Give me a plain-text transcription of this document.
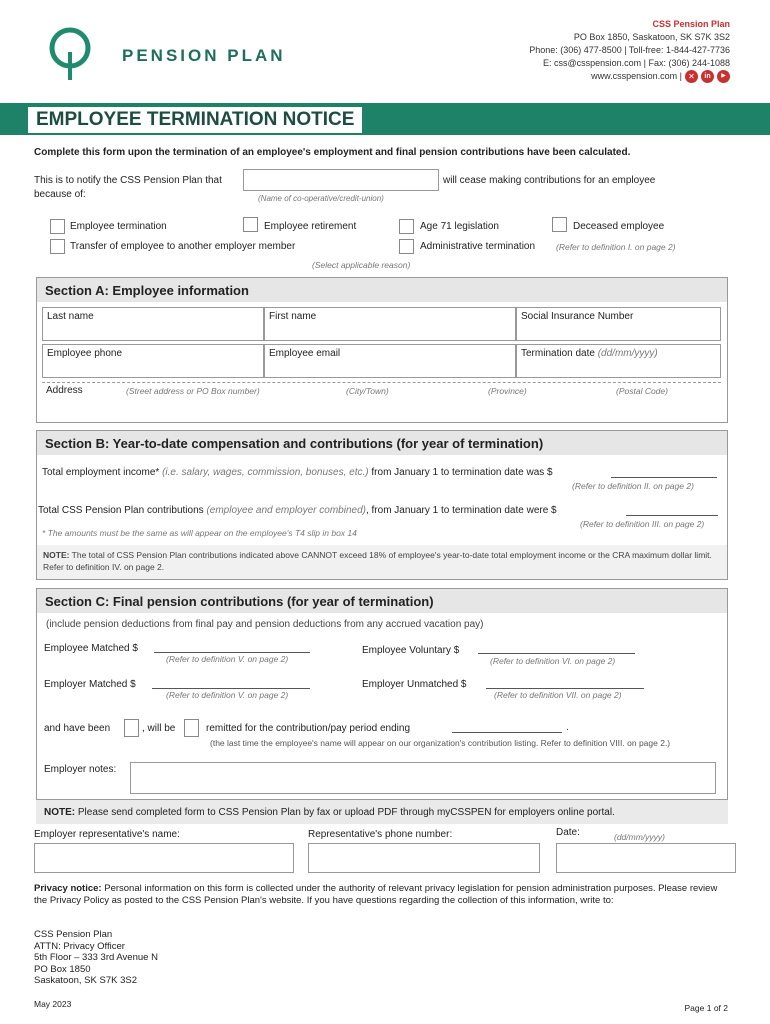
PENSION PLAN
CSS Pension Plan
PO Box 1850, Saskatoon, SK S7K 3S2
Phone: (306) 477-8500 | Toll-free: 1-844-427-7736
E: css@csspension.com | Fax: (306) 244-1088
www.csspension.com | ✕	in	▶
EMPLOYEE TERMINATION NOTICE
Complete this form upon the termination of an employee's employment and final pension contributions have been calculated.
This is to notify the CSS Pension Plan that
because of:
will cease making contributions for an employee
(Name of co-operative/credit-union)
Employee termination	Employee retirement	Age 71 legislation	Deceased employee
Transfer of employee to another employer member	Administrative termination (Refer to definition I. on page 2)
(Select applicable reason)
Section A: Employee information
Last name	First name	Social Insurance Number
Employee phone	Employee email	Termination date (dd/mm/yyyy)
Address	(Street address or PO Box number)	(City/Town)	(Province)	(Postal Code)
Section B: Year-to-date compensation and contributions (for year of termination)
Total employment income* (i.e. salary, wages, commission, bonuses, etc.) from January 1 to termination date was $
(Refer to definition II. on page 2)
Total CSS Pension Plan contributions (employee and employer combined), from January 1 to termination date were $
(Refer to definition III. on page 2)
* The amounts must be the same as will appear on the employee's T4 slip in box 14
NOTE: The total of CSS Pension Plan contributions indicated above CANNOT exceed 18% of employee's year-to-date total employment income or the CRA maximum dollar limit. Refer to definition IV. on page 2.
Section C: Final pension contributions (for year of termination)
(include pension deductions from final pay and pension deductions from any accrued vacation pay)
Employee Matched $
(Refer to definition V. on page 2)
Employee Voluntary $
(Refer to definition VI. on page 2)
Employer Matched $
(Refer to definition V. on page 2)
Employer Unmatched $
(Refer to definition VII. on page 2)
and have been	, will be	remitted for the contribution/pay period ending	.
(the last time the employee's name will appear on our organization's contribution listing. Refer to definition VIII. on page 2.)
Employer notes:
NOTE:
Please send completed form to CSS Pension Plan by fax or upload PDF through myCSSPEN for employers online portal.
Employer representative's name:	Representative's phone number:	Date:	(dd/mm/yyyy)
Privacy notice: Personal information on this form is collected under the authority of relevant privacy legislation for pension administration purposes. Please review the Privacy Policy as posted to the CSS Pension Plan's website. If you have questions regarding the collection of this information, write to:
CSS Pension Plan
ATTN: Privacy Officer
5th Floor – 333 3rd Avenue N
PO Box 1850
Saskatoon, SK S7K 3S2
May 2023	Page 1 of 2
